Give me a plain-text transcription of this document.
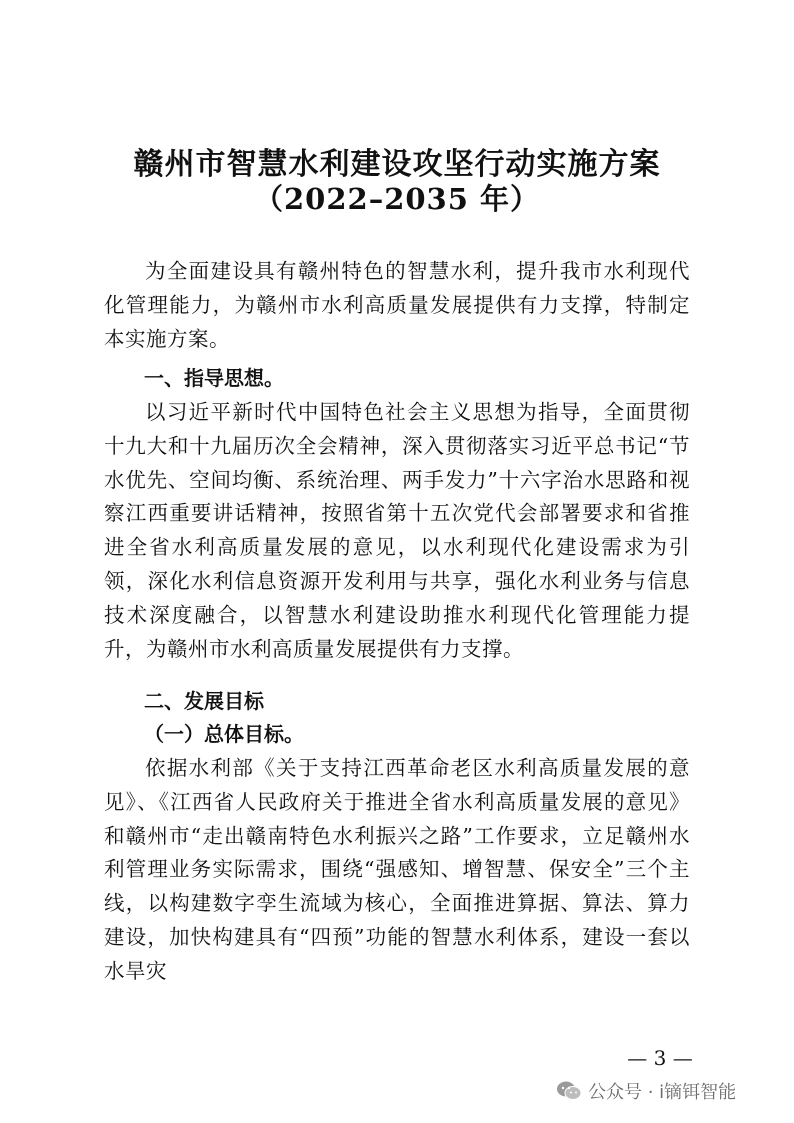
赣州市智慧水利建设攻坚行动实施方案
（2022–2035 年）

为全面建设具有赣州特色的智慧水利，提升我市水利现代化管理能力，为赣州市水利高质量发展提供有力支撑，特制定本实施方案。

一、指导思想。

以习近平新时代中国特色社会主义思想为指导，全面贯彻十九大和十九届历次全会精神，深入贯彻落实习近平总书记“节水优先、空间均衡、系统治理、两手发力”十六字治水思路和视察江西重要讲话精神，按照省第十五次党代会部署要求和省推进全省水利高质量发展的意见，以水利现代化建设需求为引领，深化水利信息资源开发利用与共享，强化水利业务与信息技术深度融合，以智慧水利建设助推水利现代化管理能力提升，为赣州市水利高质量发展提供有力支撑。

二、发展目标

（一）总体目标。

依据水利部《关于支持江西革命老区水利高质量发展的意见》、《江西省人民政府关于推进全省水利高质量发展的意见》和赣州市“走出赣南特色水利振兴之路”工作要求，立足赣州水利管理业务实际需求，围绕“强感知、增智慧、保安全”三个主线，以构建数字孪生流域为核心，全面推进算据、算法、算力建设，加快构建具有“四预”功能的智慧水利体系，建设一套以水旱灾

— 3 —
公众号 · i镝铒智能
